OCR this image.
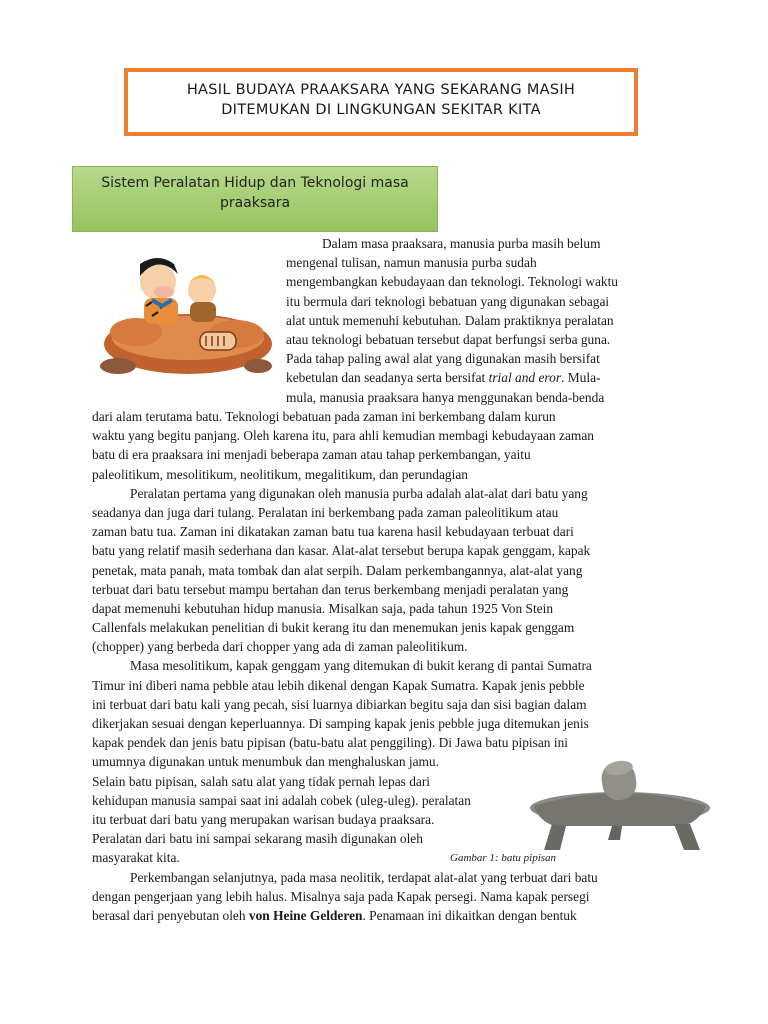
HASIL BUDAYA PRAAKSARA YANG SEKARANG MASIH
DITEMUKAN DI LINGKUNGAN SEKITAR KITA
Sistem Peralatan Hidup dan Teknologi masa
praaksara
Dalam masa praaksara, manusia purba masih belum
mengenal tulisan, namun manusia purba sudah
mengembangkan kebudayaan dan teknologi. Teknologi waktu
itu bermula dari teknologi bebatuan yang digunakan sebagai
alat untuk memenuhi kebutuhan. Dalam praktiknya peralatan
atau teknologi bebatuan tersebut dapat berfungsi serba guna.
Pada tahap paling awal alat yang digunakan masih bersifat
kebetulan dan seadanya serta bersifat trial and eror. Mula-
mula, manusia praaksara hanya menggunakan benda-benda
dari alam terutama batu. Teknologi bebatuan pada zaman ini berkembang dalam kurun
waktu yang begitu panjang. Oleh karena itu, para ahli kemudian membagi kebudayaan zaman
batu di era praaksara ini menjadi beberapa zaman atau tahap perkembangan, yaitu
paleolitikum, mesolitikum, neolitikum, megalitikum, dan perundagian
Peralatan pertama yang digunakan oleh manusia purba adalah alat-alat dari batu yang
seadanya dan juga dari tulang. Peralatan ini berkembang pada zaman paleolitikum atau
zaman batu tua. Zaman ini dikatakan zaman batu tua karena hasil kebudayaan terbuat dari
batu yang relatif masih sederhana dan kasar. Alat-alat tersebut berupa kapak genggam, kapak
penetak, mata panah, mata tombak dan alat serpih. Dalam perkembangannya, alat-alat yang
terbuat dari batu tersebut mampu bertahan dan terus berkembang menjadi peralatan yang
dapat memenuhi kebutuhan hidup manusia. Misalkan saja, pada tahun 1925 Von Stein
Callenfals melakukan penelitian di bukit kerang itu dan menemukan jenis kapak genggam
(chopper) yang berbeda dari chopper yang ada di zaman paleolitikum.
Masa mesolitikum, kapak genggam yang ditemukan di bukit kerang di pantai Sumatra
Timur ini diberi nama pebble atau lebih dikenal dengan Kapak Sumatra. Kapak jenis pebble
ini terbuat dari batu kali yang pecah, sisi luarnya dibiarkan begitu saja dan sisi bagian dalam
dikerjakan sesuai dengan keperluannya. Di samping kapak jenis pebble juga ditemukan jenis
kapak pendek dan jenis batu pipisan (batu-batu alat penggiling). Di Jawa batu pipisan ini
umumnya digunakan untuk menumbuk dan menghaluskan jamu.
Selain batu pipisan, salah satu alat yang tidak pernah lepas dari
kehidupan manusia sampai saat ini adalah cobek (uleg-uleg). peralatan
itu terbuat dari batu yang merupakan warisan budaya praaksara.
Peralatan dari batu ini sampai sekarang masih digunakan oleh
masyarakat kita.
Perkembangan selanjutnya, pada masa neolitik, terdapat alat-alat yang terbuat dari batu
dengan pengerjaan yang lebih halus. Misalnya saja pada Kapak persegi. Nama kapak persegi
berasal dari penyebutan oleh von Heine Gelderen. Penamaan ini dikaitkan dengan bentuk
Gambar 1: batu pipisan
